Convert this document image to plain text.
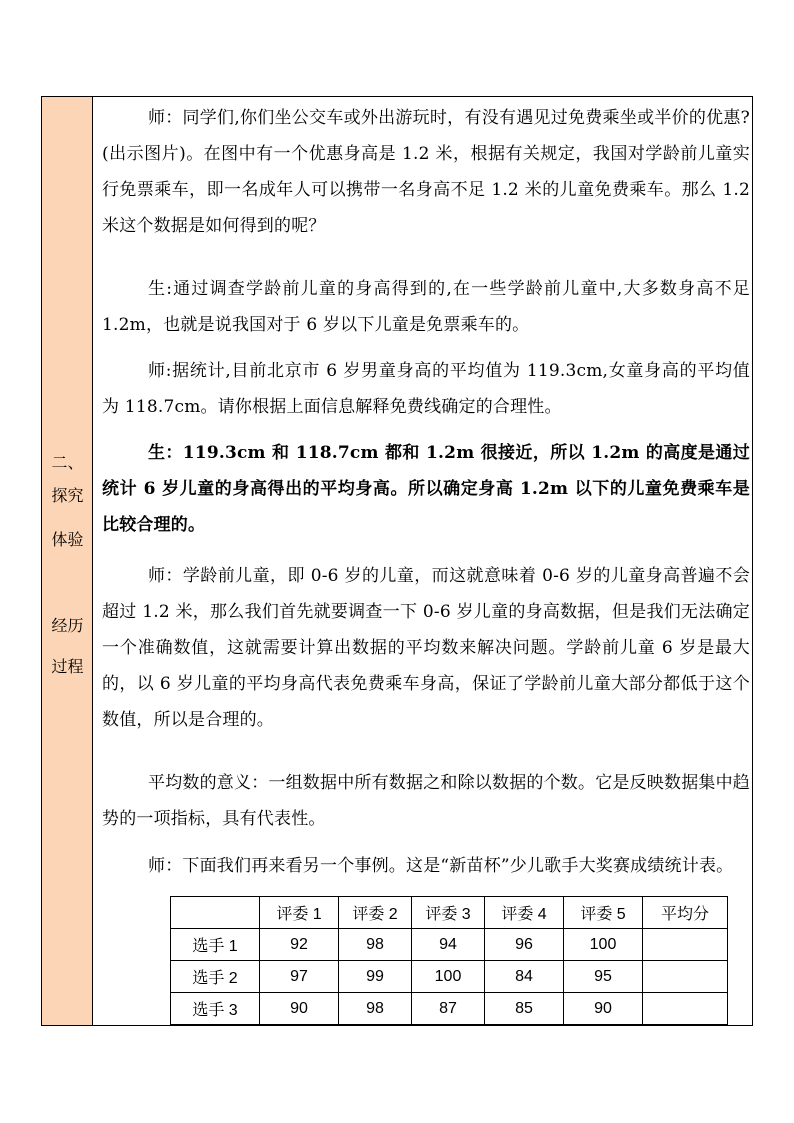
二、
探究
体验
经历
过程

师：同学们,你们坐公交车或外出游玩时，有没有遇见过免费乘坐或半价的优惠?(出示图片)。在图中有一个优惠身高是 1.2 米，根据有关规定，我国对学龄前儿童实行免票乘车，即一名成年人可以携带一名身高不足 1.2 米的儿童免费乘车。那么 1.2 米这个数据是如何得到的呢？

生:通过调查学龄前儿童的身高得到的,在一些学龄前儿童中,大多数身高不足 1.2m，也就是说我国对于 6 岁以下儿童是免票乘车的。

师:据统计,目前北京市 6 岁男童身高的平均值为 119.3cm,女童身高的平均值为 118.7cm。请你根据上面信息解释免费线确定的合理性。

生：119.3cm 和 118.7cm 都和 1.2m 很接近，所以 1.2m 的高度是通过统计 6 岁儿童的身高得出的平均身高。所以确定身高 1.2m 以下的儿童免费乘车是比较合理的。

师：学龄前儿童，即 0-6 岁的儿童，而这就意味着 0-6 岁的儿童身高普遍不会超过 1.2 米，那么我们首先就要调查一下 0-6 岁儿童的身高数据，但是我们无法确定一个准确数值，这就需要计算出数据的平均数来解决问题。学龄前儿童 6 岁是最大的，以 6 岁儿童的平均身高代表免费乘车身高，保证了学龄前儿童大部分都低于这个数值，所以是合理的。

平均数的意义：一组数据中所有数据之和除以数据的个数。它是反映数据集中趋势的一项指标，具有代表性。

师：下面我们再来看另一个事例。这是“新苗杯”少儿歌手大奖赛成绩统计表。

	评委 1	评委 2	评委 3	评委 4	评委 5	平均分
选手 1	92	98	94	96	100	
选手 2	97	99	100	84	95	
选手 3	90	98	87	85	90	
